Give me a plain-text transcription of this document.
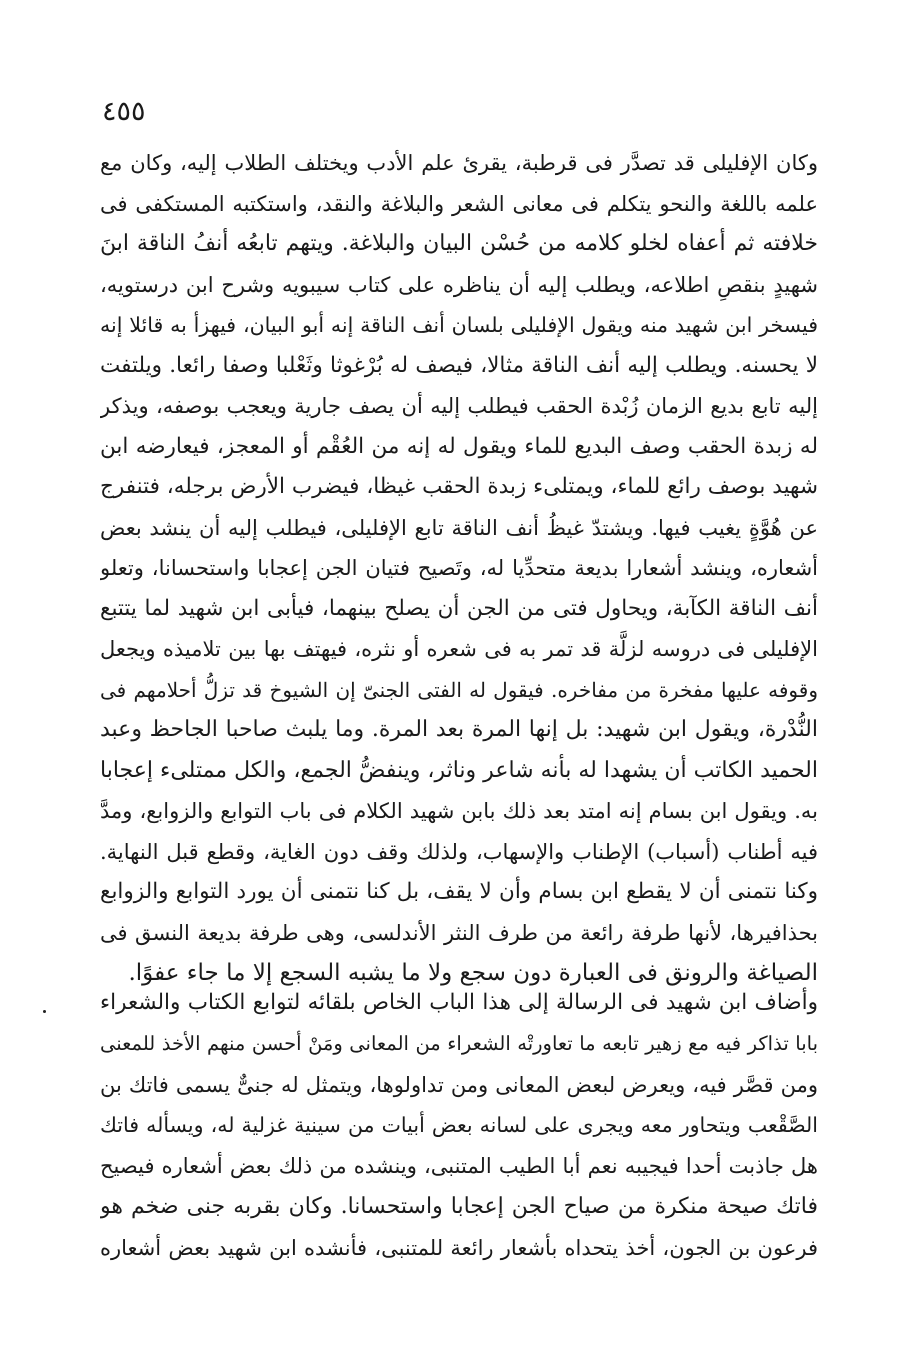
٤٥٥
وكان الإفليلى قد تصدَّر فى قرطبة، يقرئ علم الأدب ويختلف الطلاب إليه، وكان مع
علمه باللغة والنحو يتكلم فى معانى الشعر والبلاغة والنقد، واستكتبه المستكفى فى
خلافته ثم أعفاه لخلو كلامه من حُسْن البيان والبلاغة. ويتهم تابعُه أنفُ الناقة ابنَ
شهيدٍ بنقصِ اطلاعه، ويطلب إليه أن يناظره على كتاب سيبويه وشرح ابن درستويه،
فيسخر ابن شهيد منه ويقول الإفليلى بلسان أنف الناقة إنه أبو البيان، فيهزأ به قائلا إنه
لا يحسنه. ويطلب إليه أنف الناقة مثالا، فيصف له بُرْغوثا وثَعْلبا وصفا رائعا. ويلتفت
إليه تابع بديع الزمان زُبْدة الحقب فيطلب إليه أن يصف جارية ويعجب بوصفه، ويذكر
له زبدة الحقب وصف البديع للماء ويقول له إنه من العُقْم أو المعجز، فيعارضه ابن
شهيد بوصف رائع للماء، ويمتلىء زبدة الحقب غيظا، فيضرب الأرض برجله، فتنفرج
عن هُوَّةٍ يغيب فيها. ويشتدّ غيظُ أنف الناقة تابع الإفليلى، فيطلب إليه أن ينشد بعض
أشعاره، وينشد أشعارا بديعة متحدِّيا له، وتَصيح فتيان الجن إعجابا واستحسانا، وتعلو
أنف الناقة الكآبة، ويحاول فتى من الجن أن يصلح بينهما، فيأبى ابن شهيد لما يتتبع
الإفليلى فى دروسه لزلَّة قد تمر به فى شعره أو نثره، فيهتف بها بين تلاميذه ويجعل
وقوفه عليها مفخرة من مفاخره. فيقول له الفتى الجنىّ إن الشيوخ قد تزلُّ أحلامهم فى
النُّدْرة، ويقول ابن شهيد: بل إنها المرة بعد المرة. وما يلبث صاحبا الجاحظ وعبد
الحميد الكاتب أن يشهدا له بأنه شاعر وناثر، وينفضُّ الجمع، والكل ممتلىء إعجابا
به. ويقول ابن بسام إنه امتد بعد ذلك بابن شهيد الكلام فى باب التوابع والزوابع، ومدَّ
فيه أطناب (أسباب) الإطناب والإسهاب، ولذلك وقف دون الغاية، وقطع قبل النهاية.
وكنا نتمنى أن لا يقطع ابن بسام وأن لا يقف، بل كنا نتمنى أن يورد التوابع والزوابع
بحذافيرها، لأنها طرفة رائعة من طرف النثر الأندلسى، وهى طرفة بديعة النسق فى
الصياغة والرونق فى العبارة دون سجع ولا ما يشبه السجع إلا ما جاء عفوًا.
وأضاف ابن شهيد فى الرسالة إلى هذا الباب الخاص بلقائه لتوابع الكتاب والشعراء
بابا تذاكر فيه مع زهير تابعه ما تعاورتْه الشعراء من المعانى ومَنْ أحسن منهم الأخذ للمعنى
ومن قصَّر فيه، ويعرض لبعض المعانى ومن تداولوها، ويتمثل له جنىٌّ يسمى فاتك بن
الصَّقْعب ويتحاور معه ويجرى على لسانه بعض أبيات من سينية غزلية له، ويسأله فاتك
هل جاذبت أحدا فيجيبه نعم أبا الطيب المتنبى، وينشده من ذلك بعض أشعاره فيصيح
فاتك صيحة منكرة من صياح الجن إعجابا واستحسانا. وكان بقربه جنى ضخم هو
فرعون بن الجون، أخذ يتحداه بأشعار رائعة للمتنبى، فأنشده ابن شهيد بعض أشعاره
